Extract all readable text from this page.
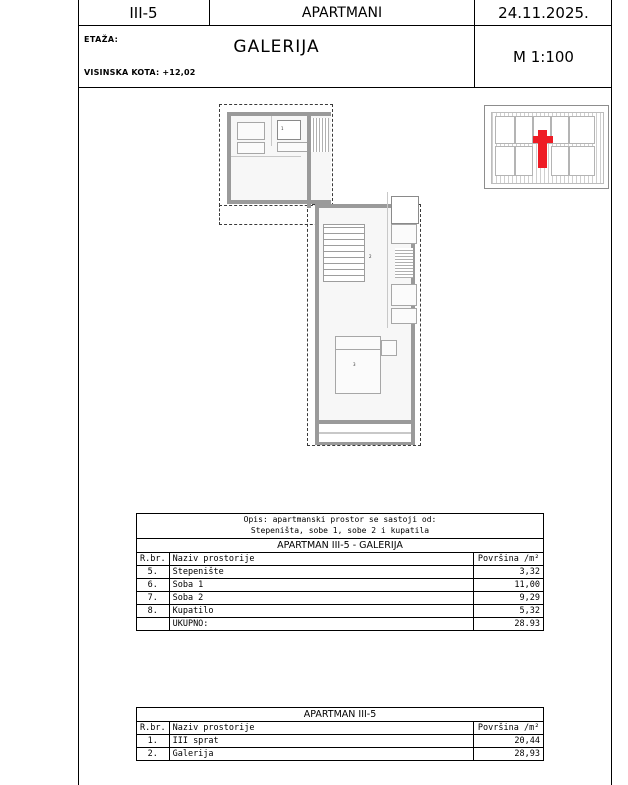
III-5	APARTMANI	24.11.2025.
ETAŽA:	GALERIJA
VISINSKA KOTA: +12,02
M 1:100
1
2
3
Opis: apartmanski prostor se sastoji od:
Stepeništa, sobe 1, sobe 2 i kupatila		
APARTMAN III-5 - GALERIJA		
R.br.	Naziv prostorije	Površina /m²
5.	Stepenište	3,32
6.	Soba 1	11,00
7.	Soba 2	9,29
8.	Kupatilo	5,32
	UKUPNO:	28.93
APARTMAN III-5		
R.br.	Naziv prostorije	Površina /m²
1.	III sprat	20,44
2.	Galerija	28,93
